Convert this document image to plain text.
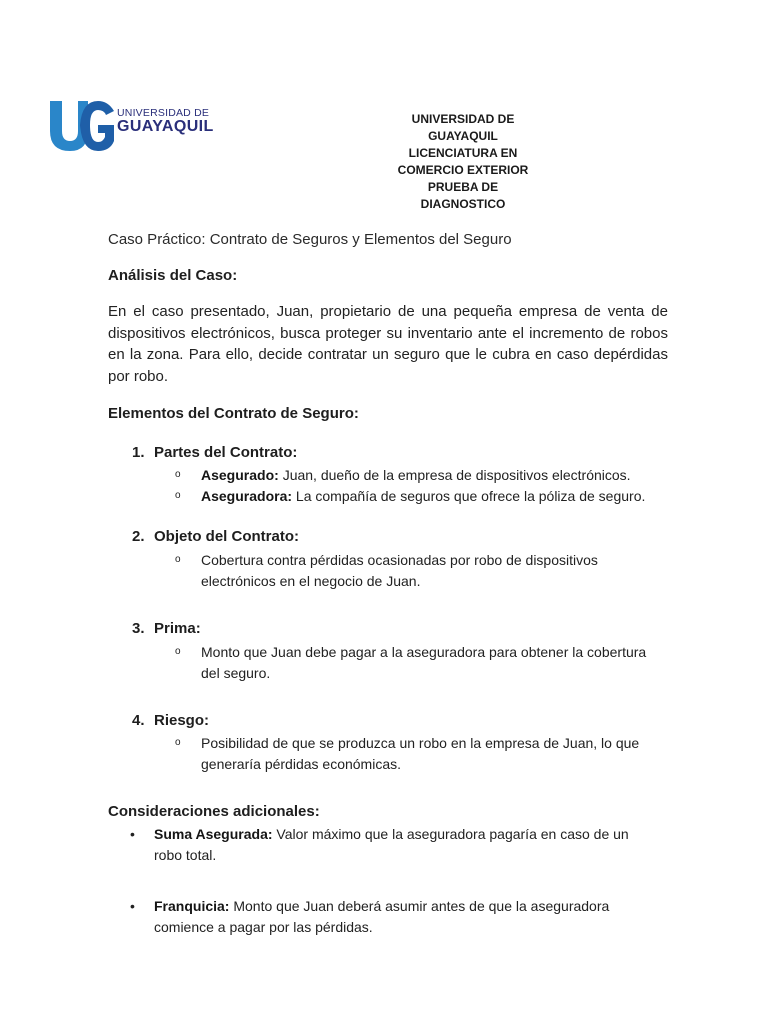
UNIVERSIDAD DE
GUAYAQUIL	UNIVERSIDAD DE
GUAYAQUIL
LICENCIATURA EN
COMERCIO EXTERIOR
PRUEBA DE
DIAGNOSTICO
Caso Práctico: Contrato de Seguros y Elementos del Seguro
Análisis del Caso:
En el caso presentado, Juan, propietario de una pequeña empresa de venta de dispositivos electrónicos, busca proteger su inventario ante el incremento de robos en la zona. Para ello, decide contratar un seguro que le cubra en caso depérdidas por robo.
Elementos del Contrato de Seguro:
1. Partes del Contrato:
o Asegurado: Juan, dueño de la empresa de dispositivos electrónicos.
o Aseguradora: La compañía de seguros que ofrece la póliza de seguro.
2. Objeto del Contrato:
o Cobertura contra pérdidas ocasionadas por robo de dispositivos electrónicos en el negocio de Juan.
3. Prima:
o Monto que Juan debe pagar a la aseguradora para obtener la cobertura del seguro.
4. Riesgo:
o Posibilidad de que se produzca un robo en la empresa de Juan, lo que generaría pérdidas económicas.
Consideraciones adicionales:
• Suma Asegurada: Valor máximo que la aseguradora pagaría en caso de un robo total.
• Franquicia: Monto que Juan deberá asumir antes de que la aseguradora comience a pagar por las pérdidas.
